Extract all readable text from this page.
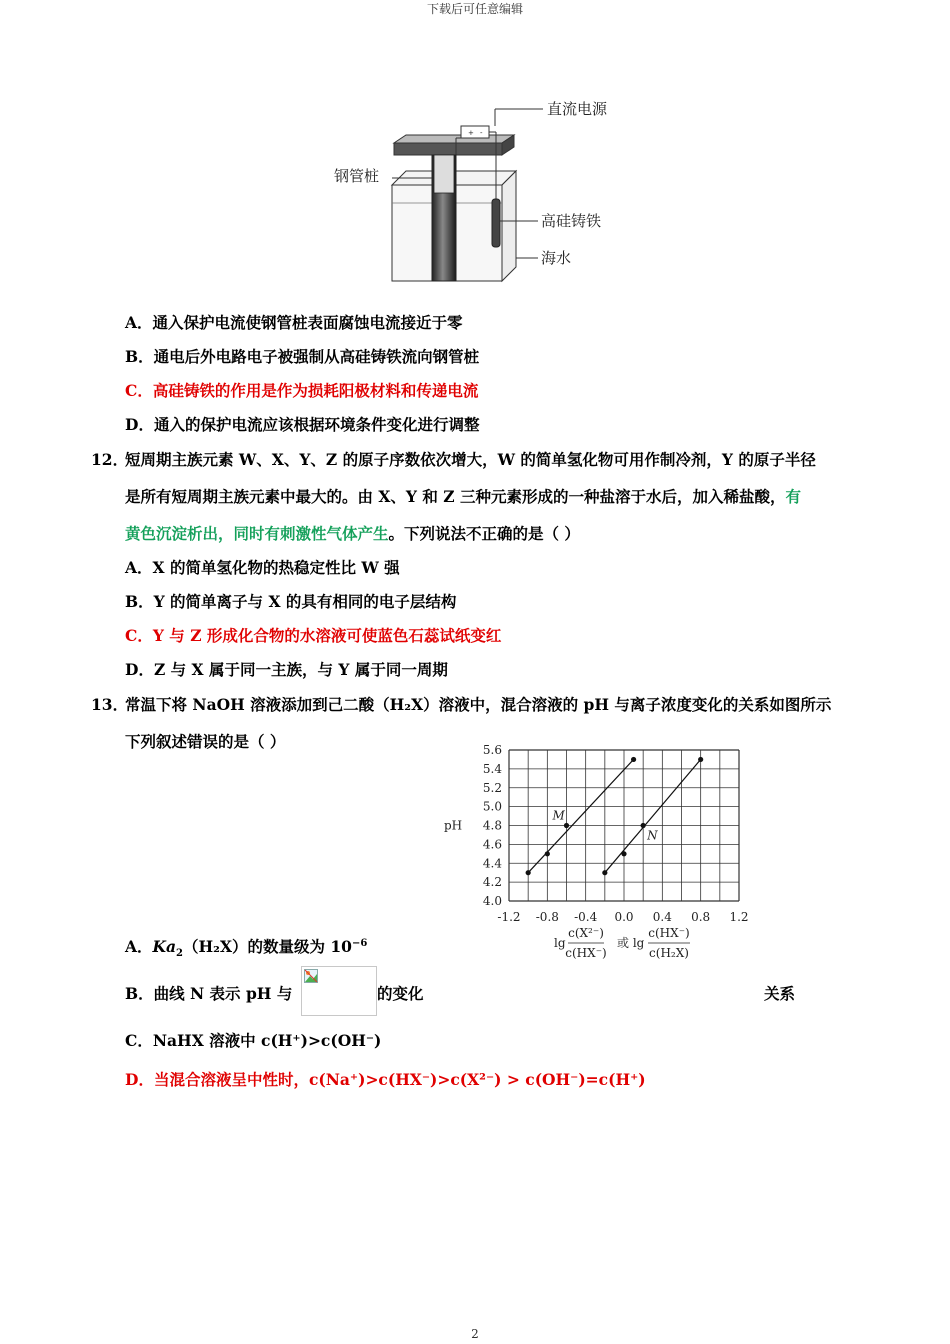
下载后可任意编辑
+ -
直流电源
钢管桩
高硅铸铁
海水
A．通入保护电流使钢管桩表面腐蚀电流接近于零
B．通电后外电路电子被强制从高硅铸铁流向钢管桩
C．高硅铸铁的作用是作为损耗阳极材料和传递电流
D．通入的保护电流应该根据环境条件变化进行调整
12．短周期主族元素 W、X、Y、Z 的原子序数依次增大，W 的简单氢化物可用作制冷剂，Y 的原子半径
是所有短周期主族元素中最大的。由 X、Y 和 Z 三种元素形成的一种盐溶于水后，加入稀盐酸，有
黄色沉淀析出，同时有刺激性气体产生。下列说法不正确的是（ ）
A．X 的简单氢化物的热稳定性比 W 强
B．Y 的简单离子与 X 的具有相同的电子层结构
C．Y 与 Z 形成化合物的水溶液可使蓝色石蕊试纸变红
D．Z 与 X 属于同一主族，与 Y 属于同一周期
13．常温下将 NaOH 溶液添加到己二酸（H₂X）溶液中，混合溶液的 pH 与离子浓度变化的关系如图所示
下列叙述错误的是（ ）
4.0
4.2
4.4
4.6
4.8
5.0
5.2
5.4
5.6
-1.2 -0.8 -0.4 0.0 0.4 0.8 1.2
pH
lg
c(X²⁻)
c(HX⁻)
或 lg
c(HX⁻)
c(H₂X)
M
N
A．$Ka_2(H_2X)$的数量级为 $10^{-6}$
B．曲线 N 表示 pH 与	的变化	关系
C．NaHX 溶液中 c(H⁺)>c(OH⁻)
D．当混合溶液呈中性时，c(Na⁺)>c(HX⁻)>c(X²⁻) > c(OH⁻)=c(H⁺)
2
